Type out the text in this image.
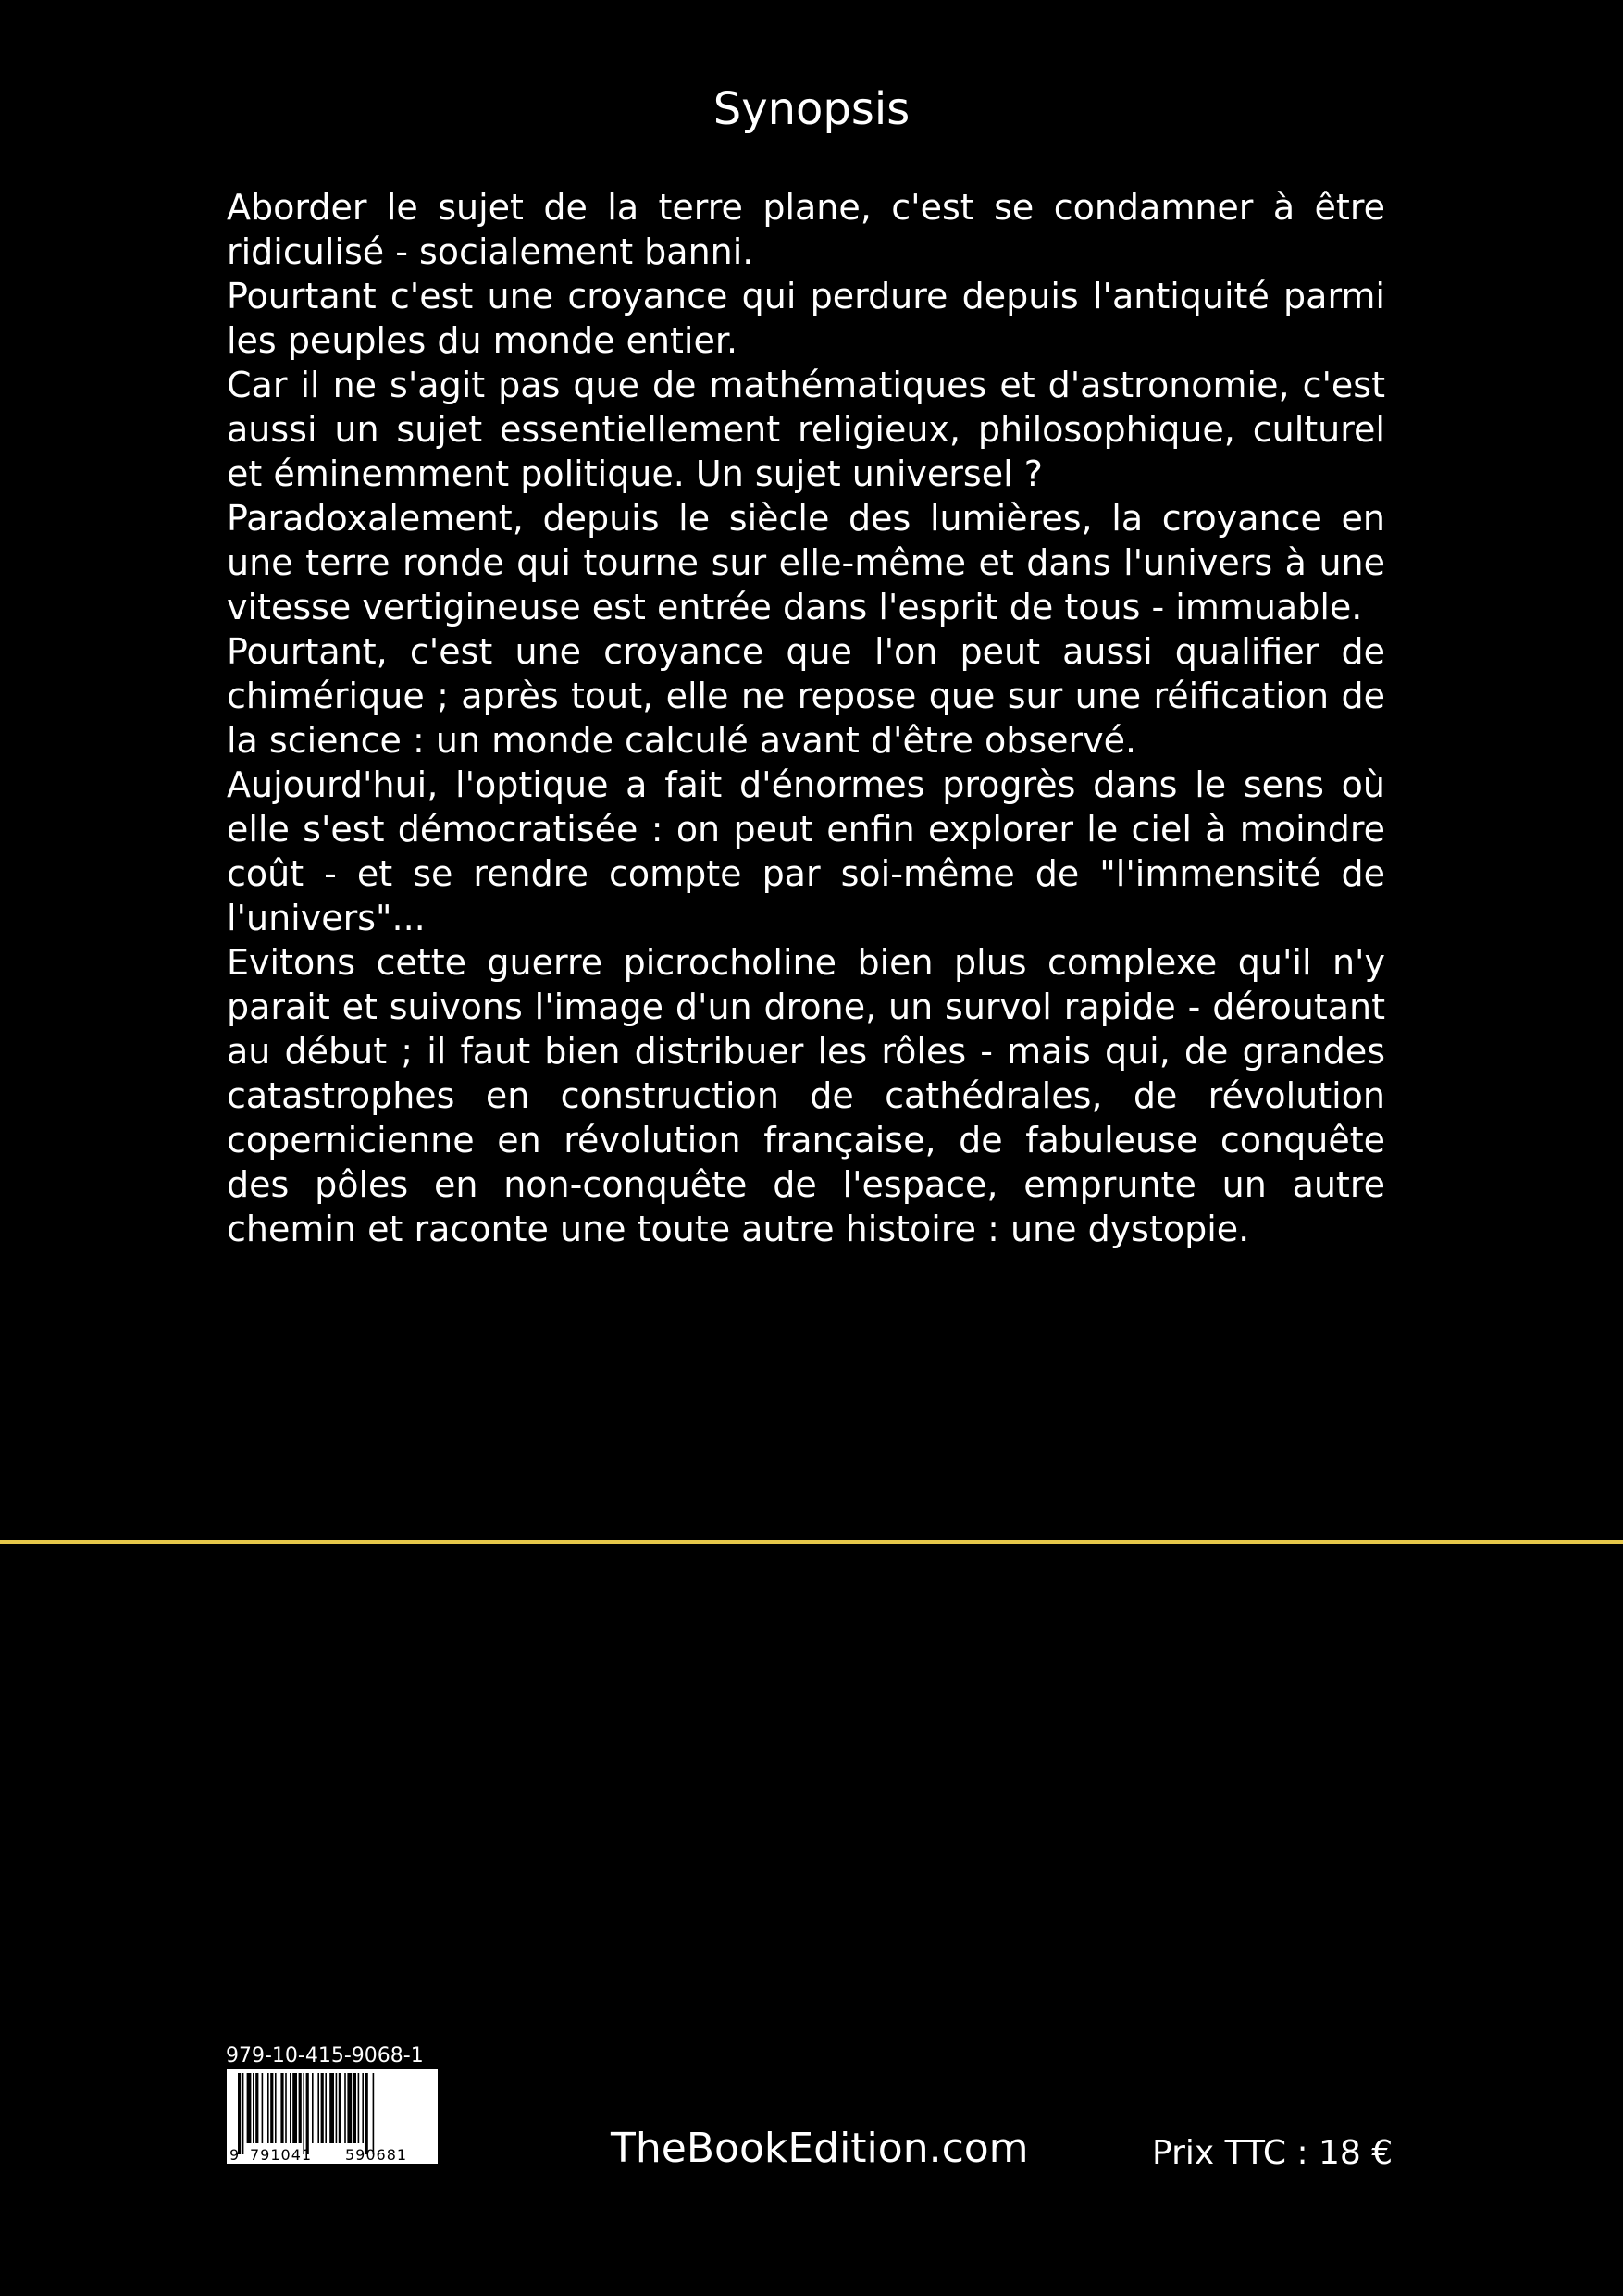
Synopsis

Aborder le sujet de la terre plane, c'est se condamner à être ridiculisé - socialement banni.

Pourtant c'est une croyance qui perdure depuis l'antiquité parmi les peuples du monde entier.

Car il ne s'agit pas que de mathématiques et d'astronomie, c'est aussi un sujet essentiellement religieux, philosophique, culturel et éminemment politique. Un sujet universel ?

Paradoxalement, depuis le siècle des lumières, la croyance en une terre ronde qui tourne sur elle-même et dans l'univers à une vitesse vertigineuse est entrée dans l'esprit de tous - immuable.

Pourtant, c'est une croyance que l'on peut aussi qualifier de chimérique ; après tout, elle ne repose que sur une réification de la science : un monde calculé avant d'être observé.

Aujourd'hui, l'optique a fait d'énormes progrès dans le sens où elle s'est démocratisée : on peut enfin explorer le ciel à moindre coût - et se rendre compte par soi-même de "l'immensité de l'univers"...

Evitons cette guerre picrocholine bien plus complexe qu'il n'y parait et suivons l'image d'un drone, un survol rapide - déroutant au début ; il faut bien distribuer les rôles - mais qui, de grandes catastrophes en construction de cathédrales, de révolution copernicienne en révolution française, de fabuleuse conquête des pôles en non-conquête de l'espace, emprunte un autre chemin et raconte une toute autre histoire : une dystopie.

979-10-415-9068-1
9 791041 590681	TheBookEdition.com	Prix TTC : 18 €
